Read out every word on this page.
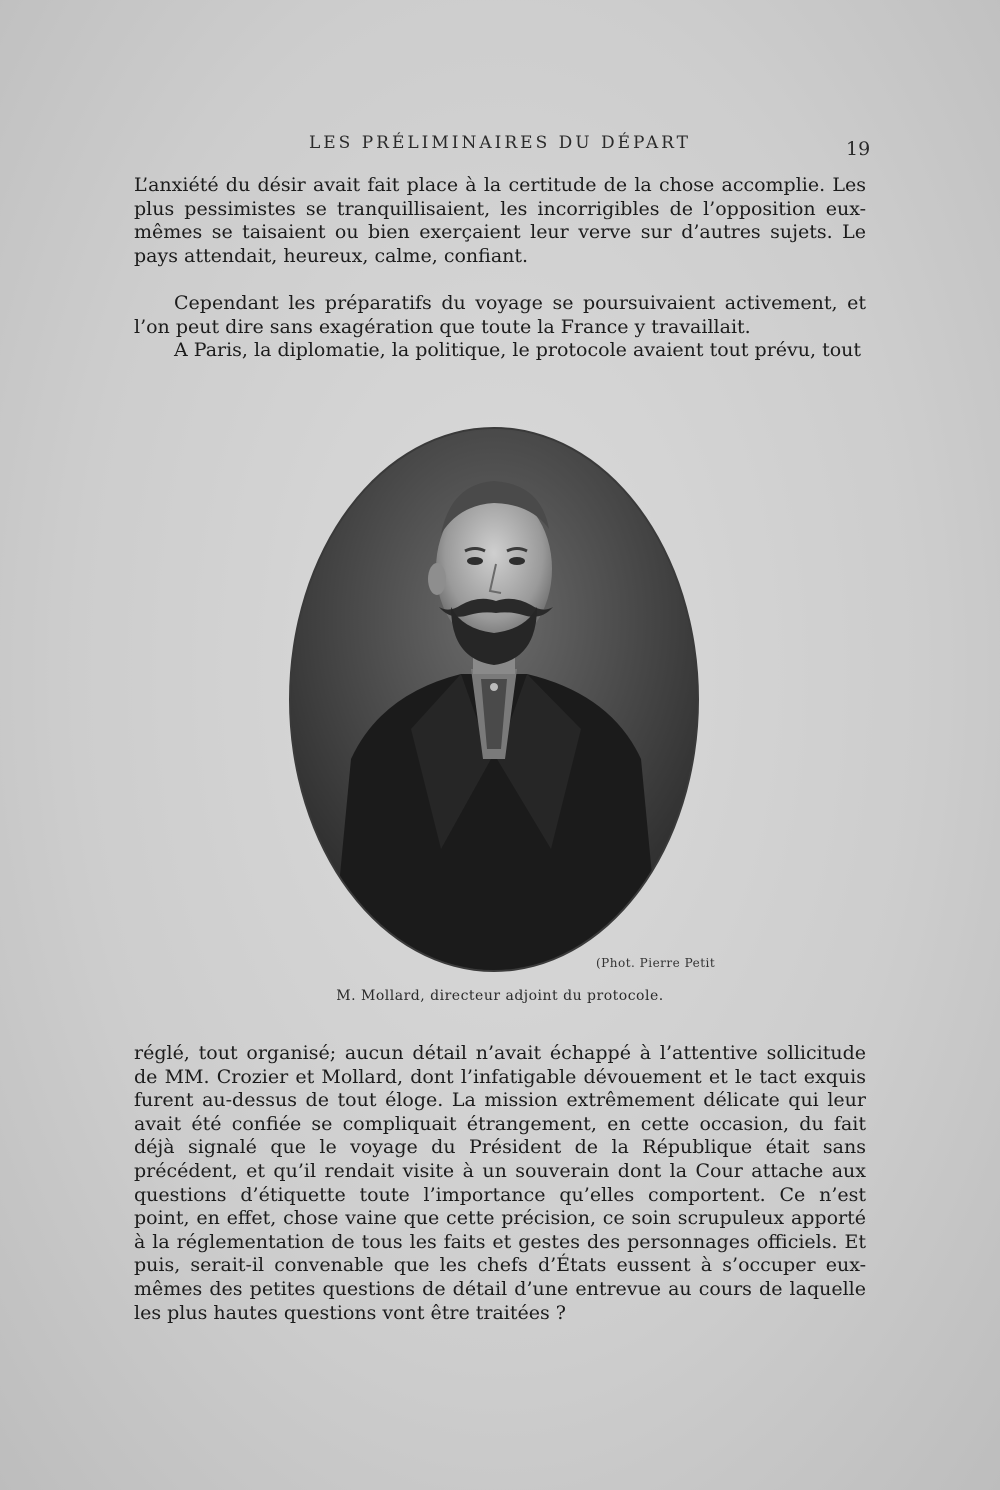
LES PRÉLIMINAIRES DU DÉPART	19

L’anxiété du désir avait fait place à la certitude de la chose accomplie. Les plus pessimistes se tranquillisaient, les incorrigibles de l’opposition eux-mêmes se taisaient ou bien exerçaient leur verve sur d’autres sujets. Le pays attendait, heureux, calme, confiant.

Cependant les préparatifs du voyage se poursuivaient activement, et l’on peut dire sans exagération que toute la France y travaillait.

A Paris, la diplomatie, la politique, le protocole avaient tout prévu, tout

(Phot. Pierre Petit
M. Mollard, directeur adjoint du protocole.

réglé, tout organisé; aucun détail n’avait échappé à l’attentive sollicitude de MM. Crozier et Mollard, dont l’infatigable dévouement et le tact exquis furent au-dessus de tout éloge. La mission extrêmement délicate qui leur avait été confiée se compliquait étrangement, en cette occasion, du fait déjà signalé que le voyage du Président de la République était sans précédent, et qu’il rendait visite à un souverain dont la Cour attache aux questions d’étiquette toute l’importance qu’elles comportent. Ce n’est point, en effet, chose vaine que cette précision, ce soin scrupuleux apporté à la réglementation de tous les faits et gestes des personnages officiels. Et puis, serait-il convenable que les chefs d’États eussent à s’occuper eux-mêmes des petites questions de détail d’une entrevue au cours de laquelle les plus hautes questions vont être traitées ?
